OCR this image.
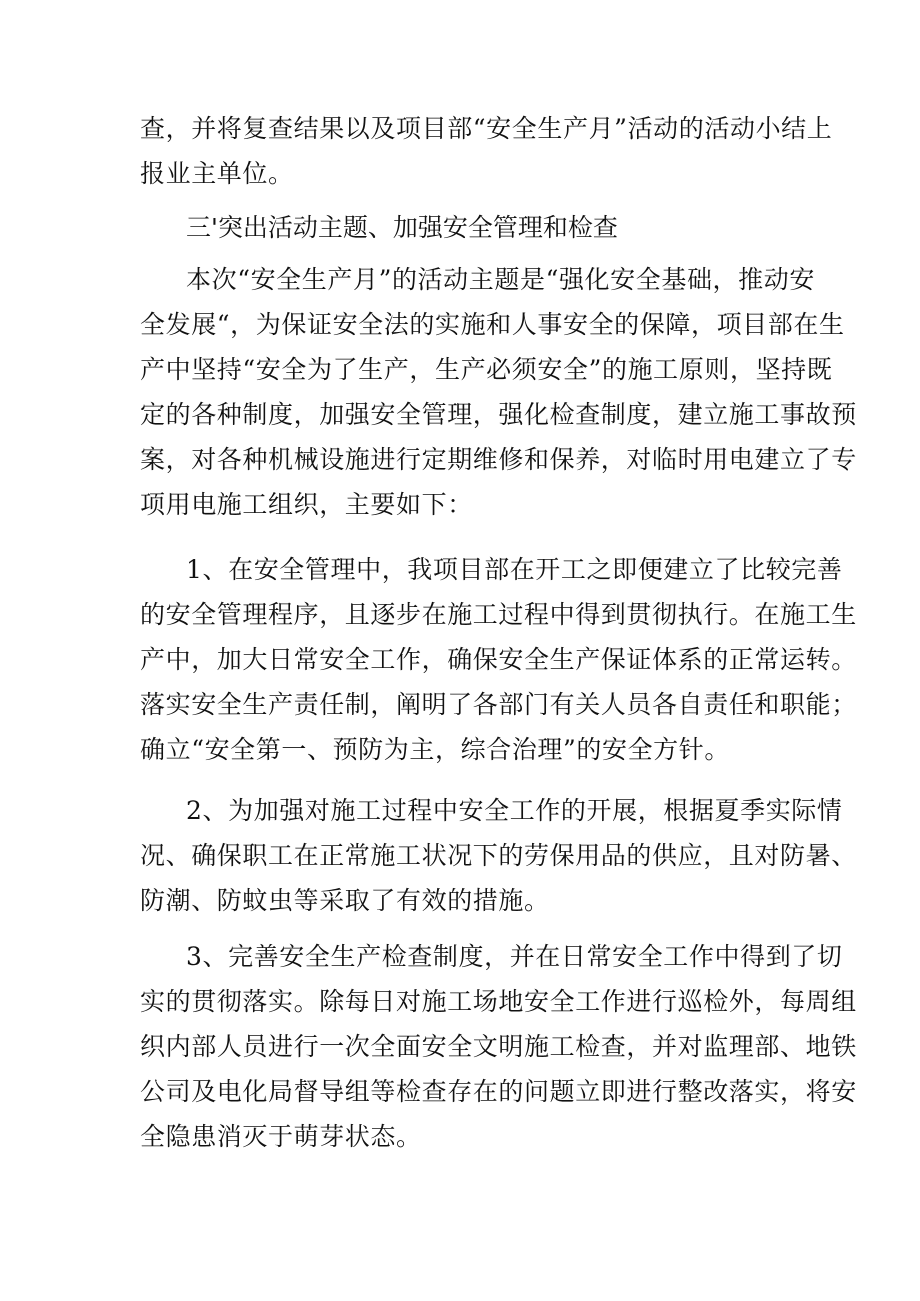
查，并将复查结果以及项目部“安全生产月”活动的活动小结上
报业主单位。
三'突出活动主题、加强安全管理和检查
本次“安全生产月”的活动主题是“强化安全基础，推动安
全发展“，为保证安全法的实施和人事安全的保障，项目部在生
产中坚持“安全为了生产，生产必须安全”的施工原则，坚持既
定的各种制度，加强安全管理，强化检查制度，建立施工事故预
案，对各种机械设施进行定期维修和保养，对临时用电建立了专
项用电施工组织，主要如下：
1、在安全管理中，我项目部在开工之即便建立了比较完善
的安全管理程序，且逐步在施工过程中得到贯彻执行。在施工生
产中，加大日常安全工作，确保安全生产保证体系的正常运转。
落实安全生产责任制，阐明了各部门有关人员各自责任和职能；
确立“安全第一、预防为主，综合治理”的安全方针。
2、为加强对施工过程中安全工作的开展，根据夏季实际情
况、确保职工在正常施工状况下的劳保用品的供应，且对防暑、
防潮、防蚊虫等采取了有效的措施。
3、完善安全生产检查制度，并在日常安全工作中得到了切
实的贯彻落实。除每日对施工场地安全工作进行巡检外，每周组
织内部人员进行一次全面安全文明施工检查，并对监理部、地铁
公司及电化局督导组等检查存在的问题立即进行整改落实，将安
全隐患消灭于萌芽状态。
